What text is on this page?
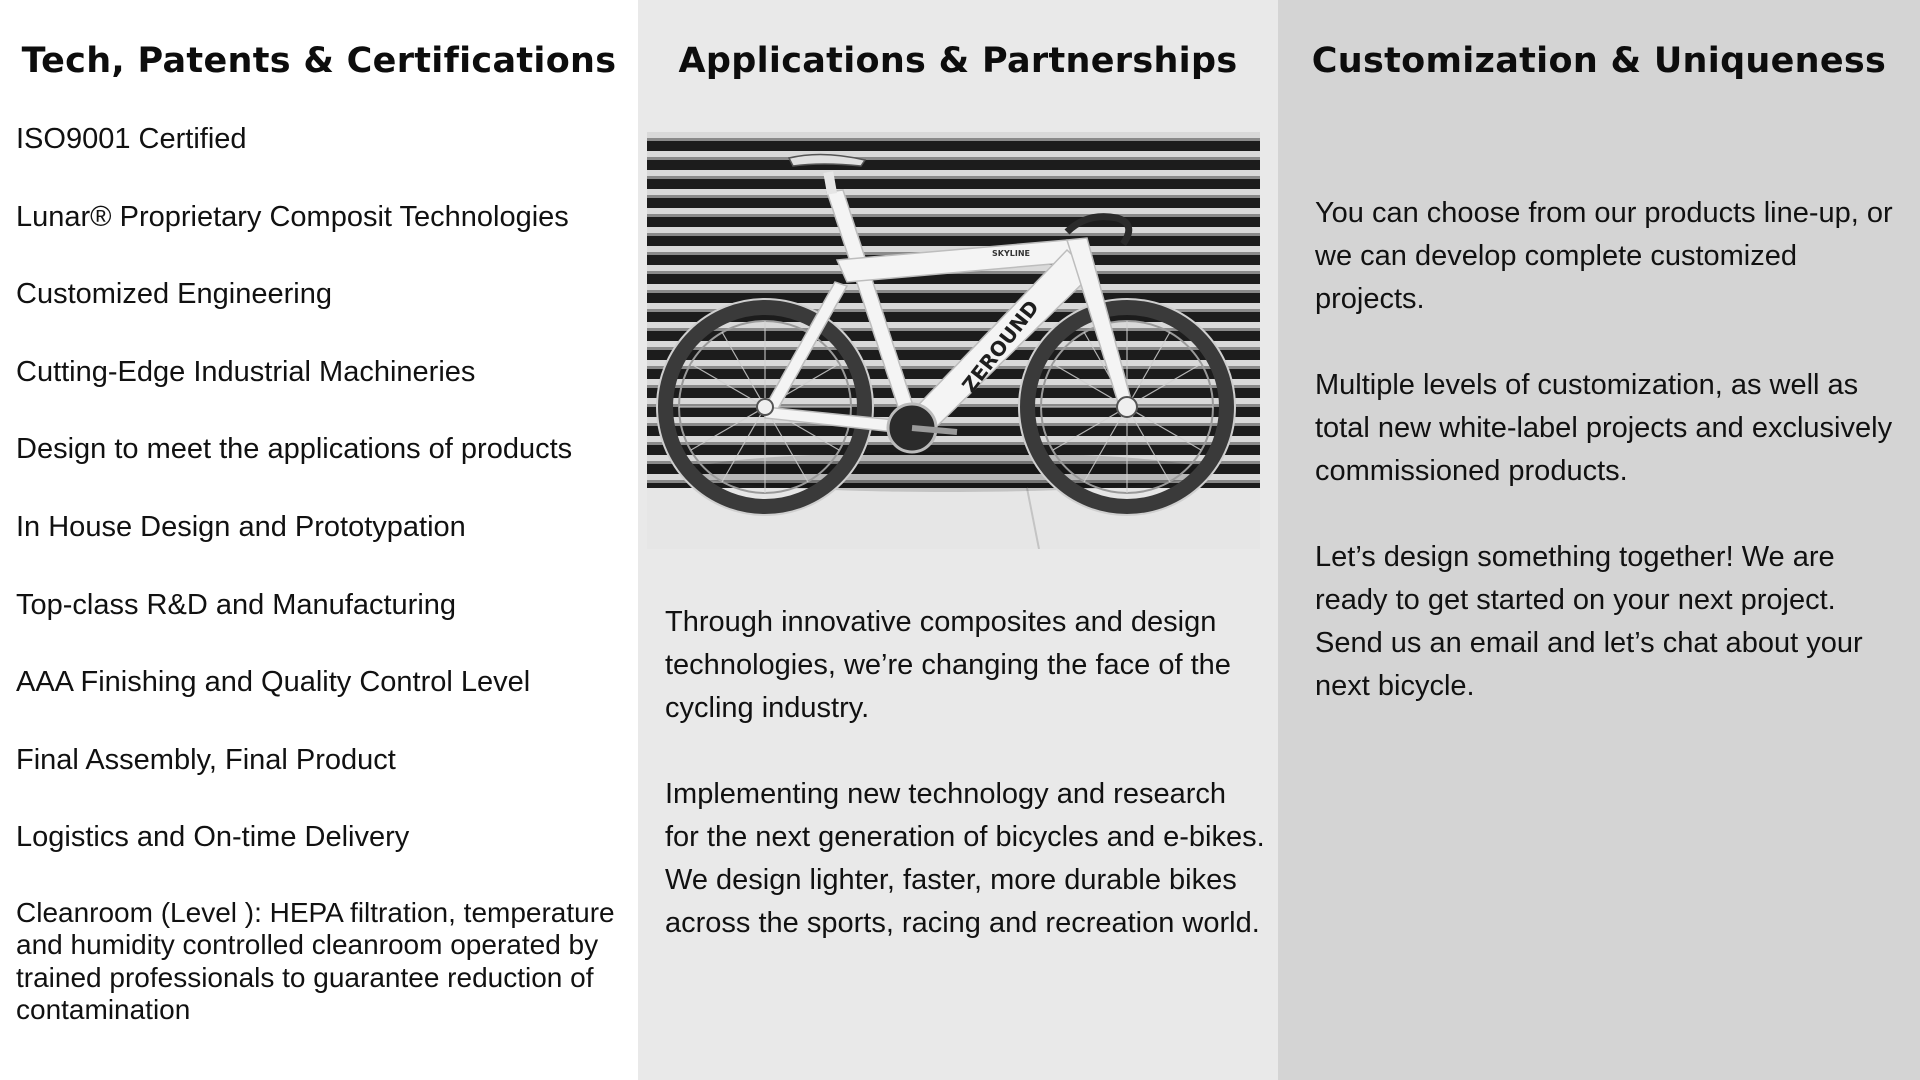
Tech, Patents & Certifications
ISO9001 Certified
Lunar® Proprietary Composit Technologies
Customized Engineering
Cutting-Edge Industrial Machineries
Design to meet the applications of products
In House Design and Prototypation
Top-class R&D and Manufacturing
AAA Finishing and Quality Control Level
Final Assembly, Final Product
Logistics and On-time Delivery
Cleanroom (Level ): HEPA filtration, temperature and humidity controlled cleanroom operated by trained professionals to guarantee reduction of contamination
Applications & Partnerships
SKYLINE
ZEROUND

Through innovative composites and design technologies, we’re changing the face of the cycling industry.

Implementing new technology and research for the next generation of bicycles and e-bikes. We design lighter, faster, more durable bikes across the sports, racing and recreation world.

Customization & Uniqueness

You can choose from our products line-up, or we can develop complete customized projects.

Multiple levels of customization, as well as total new white-label projects and exclusively commissioned products.

Let’s design something together! We are ready to get started on your next project. Send us an email and let’s chat about your next bicycle.
